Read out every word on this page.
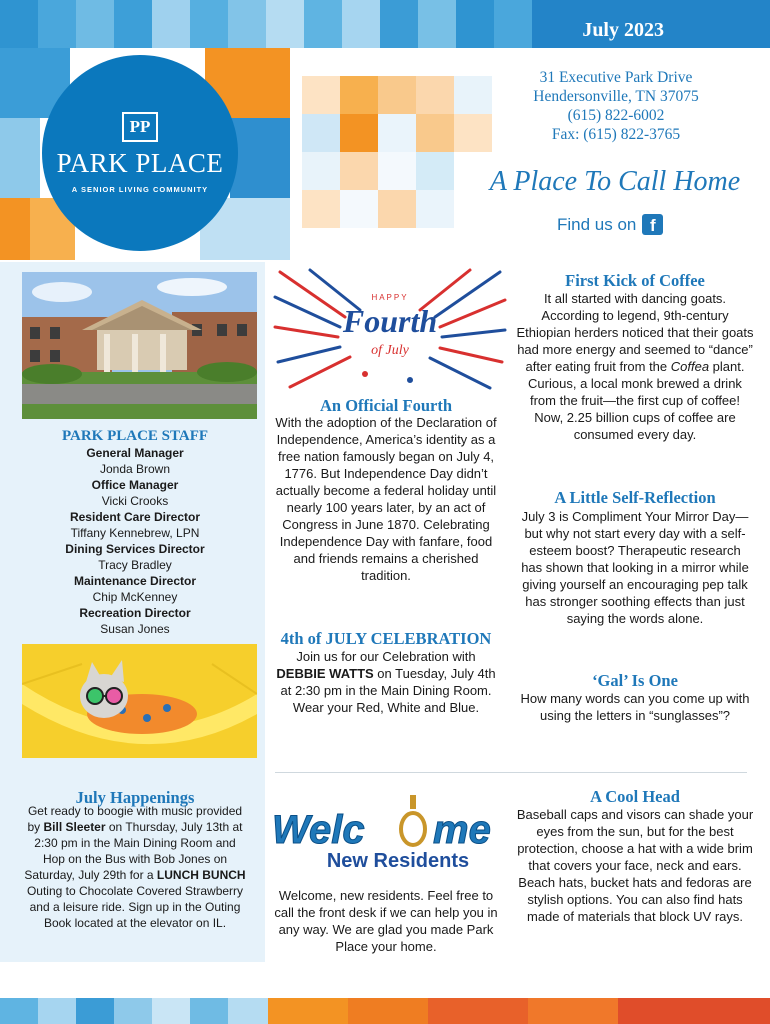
July 2023
PP
PARK PLACE
A SENIOR LIVING COMMUNITY
31 Executive Park Drive
Hendersonville, TN 37075
(615) 822-6002
Fax: (615) 822-3765
A Place To Call Home
Find us on f
PARK PLACE STAFF
General Manager
Jonda Brown
Office Manager
Vicki Crooks
Resident Care Director
Tiffany Kennebrew, LPN
Dining Services Director
Tracy Bradley
Maintenance Director
Chip McKenney
Recreation Director
Susan Jones
July Happenings
Get ready to boogie with music provided by Bill Sleeter on Thursday, July 13th at 2:30 pm in the Main Dining Room and
Hop on the Bus with Bob Jones on Saturday, July 29th for a LUNCH BUNCH Outing to Chocolate Covered Strawberry and a leisure ride. Sign up in the Outing Book located at the elevator on IL.
HAPPY
Fourth
of July
An Official Fourth
With the adoption of the Declaration of Independence, America’s identity as a free nation famously began on July 4, 1776. But Independence Day didn’t actually become a federal holiday until nearly 100 years later, by an act of Congress in June 1870. Celebrating Independence Day with fanfare, food and friends remains a cherished tradition.
4th of JULY CELEBRATION
Join us for our Celebration with DEBBIE WATTS on Tuesday, July 4th at 2:30 pm in the Main Dining Room. Wear your Red, White and Blue.
Welc me
New Residents
Welcome, new residents. Feel free to call the front desk if we can help you in any way. We are glad you made Park Place your home.
First Kick of Coffee
It all started with dancing goats. According to legend, 9th-century Ethiopian herders noticed that their goats had more energy and seemed to “dance” after eating fruit from the Coffea plant. Curious, a local monk brewed a drink from the fruit—the first cup of coffee! Now, 2.25 billion cups of coffee are consumed every day.
A Little Self-Reflection
July 3 is Compliment Your Mirror Day—but why not start every day with a self-esteem boost? Therapeutic research has shown that looking in a mirror while giving yourself an encouraging pep talk has stronger soothing effects than just saying the words alone.
‘Gal’ Is One
How many words can you come up with using the letters in “sunglasses”?
A Cool Head
Baseball caps and visors can shade your eyes from the sun, but for the best protection, choose a hat with a wide brim that covers your face, neck and ears. Beach hats, bucket hats and fedoras are stylish options. You can also find hats made of materials that block UV rays.
